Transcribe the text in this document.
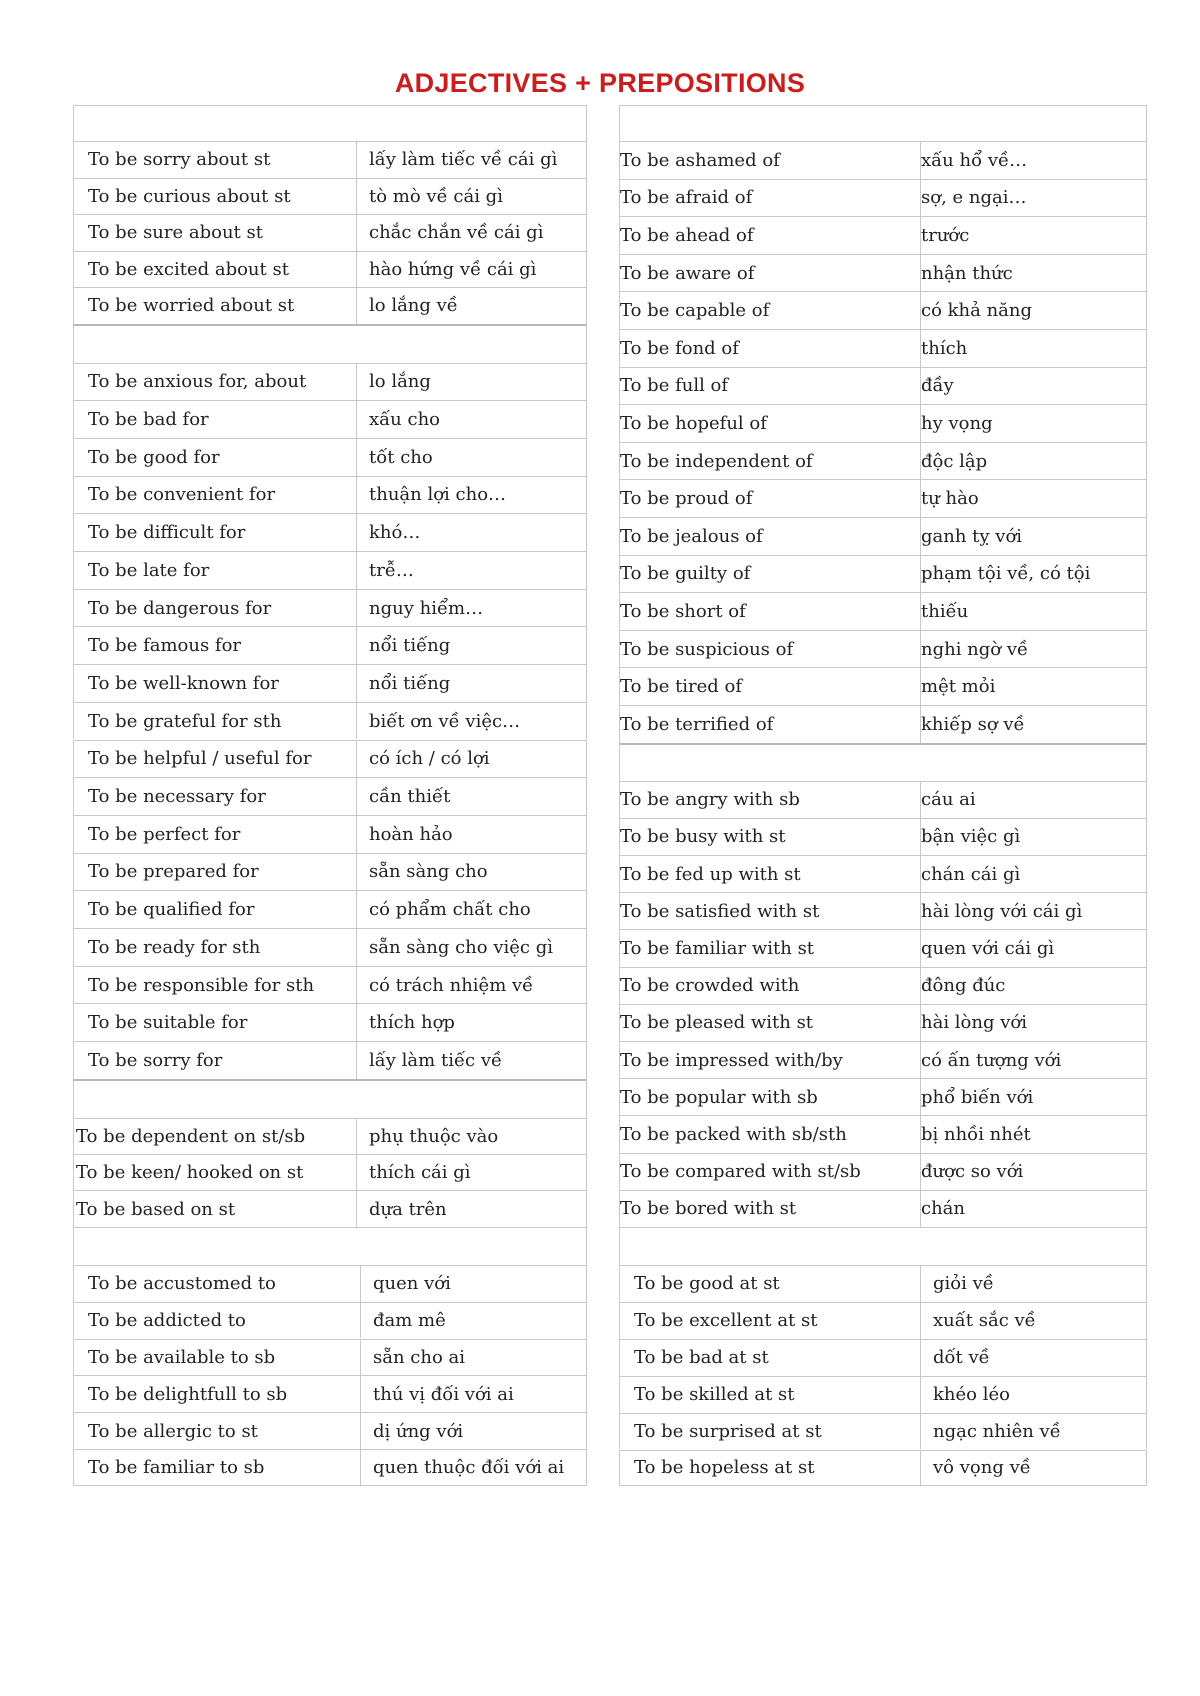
ADJECTIVES + PREPOSITIONS
To be sorry about st	lấy làm tiếc về cái gì
To be curious about st	tò mò về cái gì
To be sure about st	chắc chắn về cái gì
To be excited about st	hào hứng về cái gì
To be worried about st	lo lắng về
To be anxious for, about	lo lắng
To be bad for	xấu cho
To be good for	tốt cho
To be convenient for	thuận lợi cho…
To be difficult for	khó…
To be late for	trễ…
To be dangerous for	nguy hiểm…
To be famous for	nổi tiếng
To be well-known for	nổi tiếng
To be grateful for sth	biết ơn về việc…
To be helpful / useful for	có ích / có lợi
To be necessary for	cần thiết
To be perfect for	hoàn hảo
To be prepared for	sẵn sàng cho
To be qualified for	có phẩm chất cho
To be ready for sth	sẵn sàng cho việc gì
To be responsible for sth	có trách nhiệm về
To be suitable for	thích hợp
To be sorry for	lấy làm tiếc về
To be dependent on st/sb	phụ thuộc vào
To be keen/ hooked on st	thích cái gì
To be based on st	dựa trên
To be accustomed to	quen với
To be addicted to	đam mê
To be available to sb	sẵn cho ai
To be delightfull to sb	thú vị đối với ai
To be allergic to st	dị ứng với
To be familiar to sb	quen thuộc đối với ai
To be ashamed of	xấu hổ về…
To be afraid of	sợ, e ngại…
To be ahead of	trước
To be aware of	nhận thức
To be capable of	có khả năng
To be fond of	thích
To be full of	đầy
To be hopeful of	hy vọng
To be independent of	độc lập
To be proud of	tự hào
To be jealous of	ganh tỵ với
To be guilty of	phạm tội về, có tội
To be short of	thiếu
To be suspicious of	nghi ngờ về
To be tired of	mệt mỏi
To be terrified of	khiếp sợ về
To be angry with sb	cáu ai
To be busy with st	bận việc gì
To be fed up with st	chán cái gì
To be satisfied with st	hài lòng với cái gì
To be familiar with st	quen với cái gì
To be crowded with	đông đúc
To be pleased with st	hài lòng với
To be impressed with/by	có ấn tượng với
To be popular with sb	phổ biến với
To be packed with sb/sth	bị nhồi nhét
To be compared with st/sb	được so với
To be bored with st	chán
To be good at st	giỏi về
To be excellent at st	xuất sắc về
To be bad at st	dốt về
To be skilled at st	khéo léo
To be surprised at st	ngạc nhiên về
To be hopeless at st	vô vọng về
